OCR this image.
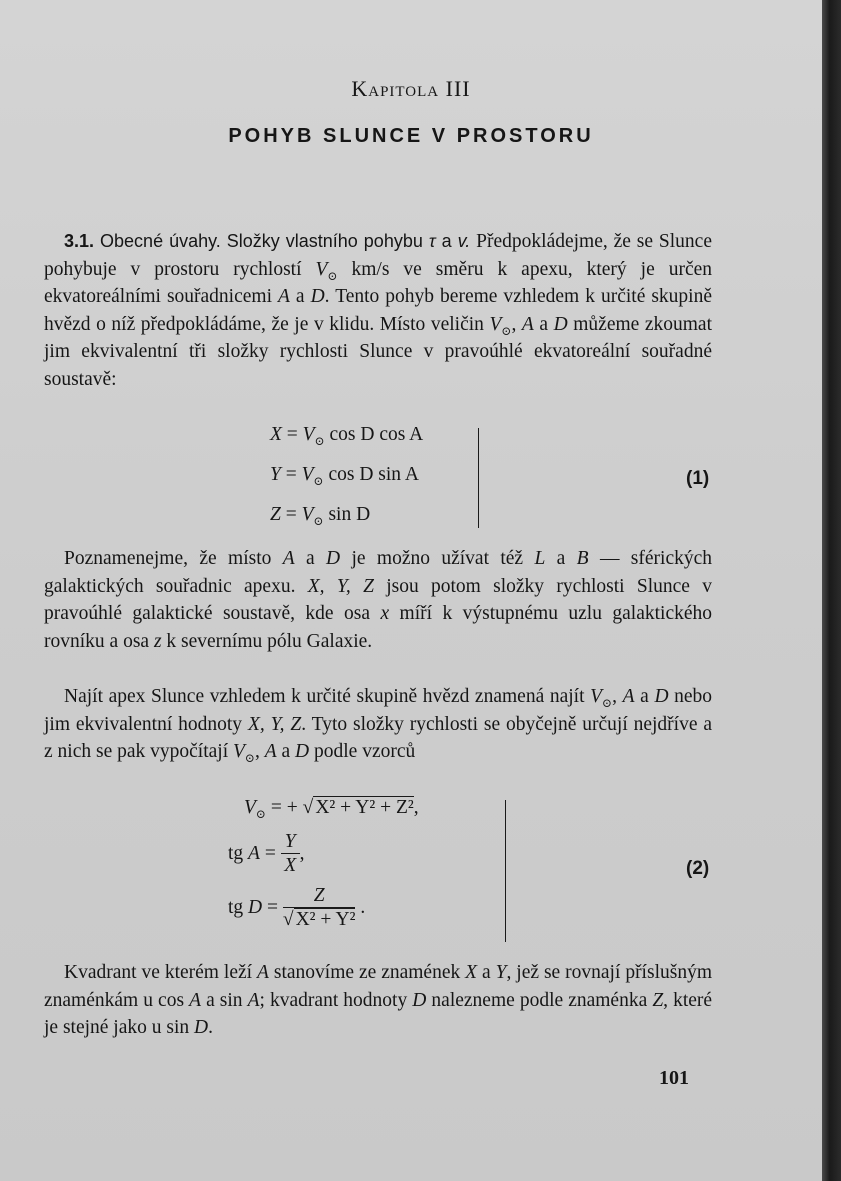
Kapitola III
POHYB SLUNCE V PROSTORU
3.1. Obecné úvahy. Složky vlastního pohybu τ a v. Předpokládejme, že se Slunce pohybuje v prostoru rychlostí $V_⊙$ km/s ve směru k apexu, který je určen ekvatoreálními souřadnicemi A a D. Tento pohyb bereme vzhledem k určité skupině hvězd o níž předpokládáme, že je v klidu. Místo veličin $V_⊙$, A a D můžeme zkoumat jim ekvivalentní tři složky rychlosti Slunce v pravoúhlé ekvatoreální souřadné soustavě:
$X = V_⊙$ cos D cos A
$Y = V_⊙$ cos D sin A
$Z = V_⊙$ sin D
(1)
Poznamenejme, že místo A a D je možno užívat též L a B — sférických galaktických souřadnic apexu. X, Y, Z jsou potom složky rychlosti Slunce v pravoúhlé galaktické soustavě, kde osa x míří k výstupnému uzlu galaktického rovníku a osa z k severnímu pólu Galaxie.
Najít apex Slunce vzhledem k určité skupině hvězd znamená najít $V_⊙$, A a D nebo jim ekvivalentní hodnoty X, Y, Z. Tyto složky rychlosti se obyčejně určují nejdříve a z nich se pak vypočítají $V_⊙$, A a D podle vzorců
$V_⊙$ = + √ X² + Y² + Z²,
tg $A = \frac{Y}{X}$ ,
tg $D = \frac{Z}{\text{√ X² + Y²}}$ .
(2)
Kvadrant ve kterém leží A stanovíme ze znamének X a Y, jež se rovnají příslušným znaménkám u cos A a sin A; kvadrant hodnoty D nalezneme podle znaménka Z, které je stejné jako u sin D.
101
